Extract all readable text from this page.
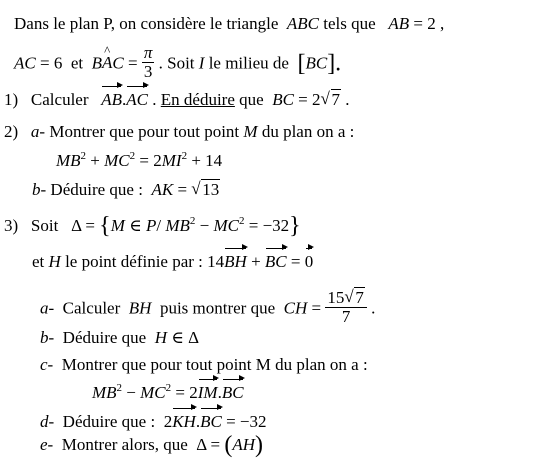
Dans le plan P, on considère le triangle ABC tels que AB = 2 ,
AC = 6 et B^ AC = $\frac{\pi}{3}$ . Soit I le milieu de [BC].
1) Calculer AB.AC . En déduire que BC = 2 √ 7 .
2) a- Montrer que pour tout point M du plan on a :
$MB^2 + MC^2 = 2MI^2 + 14$
b- Déduire que : AK = √ 13
3) Soit Δ = {M ∈ P/ $MB^2 - MC^2 = -32$}
et H le point définie par : 14BH + BC = 0
a- Calculer BH puis montrer que CH = $\frac{15 √ 7}{7}$ .
b- Déduire que H ∈ Δ
c- Montrer que pour tout point M du plan on a :
$MB^2 - MC^2 = 2IM.BC$
d- Déduire que : 2KH.BC = −32
e- Montrer alors, que Δ = (AH)
